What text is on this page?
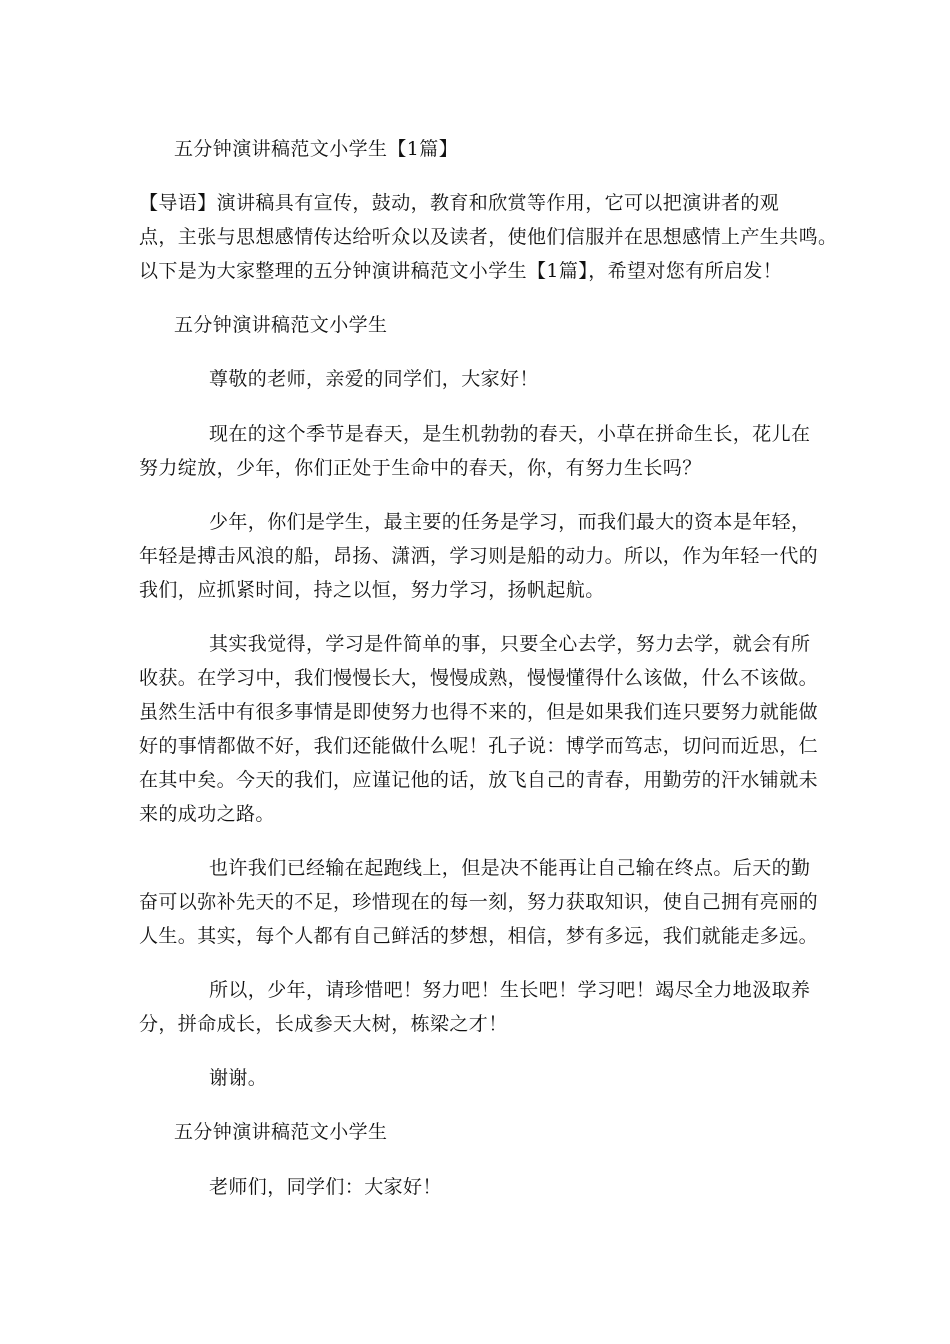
五分钟演讲稿范文小学生【1篇】
【导语】演讲稿具有宣传，鼓动，教育和欣赏等作用，它可以把演讲者的观
点，主张与思想感情传达给听众以及读者，使他们信服并在思想感情上产生共鸣。
以下是为大家整理的五分钟演讲稿范文小学生【1篇】，希望对您有所启发！
五分钟演讲稿范文小学生
尊敬的老师，亲爱的同学们，大家好！
现在的这个季节是春天，是生机勃勃的春天，小草在拼命生长，花儿在
努力绽放，少年，你们正处于生命中的春天，你，有努力生长吗？
少年，你们是学生，最主要的任务是学习，而我们最大的资本是年轻，
年轻是搏击风浪的船，昂扬、潇洒，学习则是船的动力。所以，作为年轻一代的
我们，应抓紧时间，持之以恒，努力学习，扬帆起航。
其实我觉得，学习是件简单的事，只要全心去学，努力去学，就会有所
收获。在学习中，我们慢慢长大，慢慢成熟，慢慢懂得什么该做，什么不该做。
虽然生活中有很多事情是即使努力也得不来的，但是如果我们连只要努力就能做
好的事情都做不好，我们还能做什么呢！孔子说：博学而笃志，切问而近思，仁
在其中矣。今天的我们，应谨记他的话，放飞自己的青春，用勤劳的汗水铺就未
来的成功之路。
也许我们已经输在起跑线上，但是决不能再让自己输在终点。后天的勤
奋可以弥补先天的不足，珍惜现在的每一刻，努力获取知识，使自己拥有亮丽的
人生。其实，每个人都有自己鲜活的梦想，相信，梦有多远，我们就能走多远。
所以，少年，请珍惜吧！努力吧！生长吧！学习吧！竭尽全力地汲取养
分，拼命成长，长成参天大树，栋梁之才！
谢谢。
五分钟演讲稿范文小学生
老师们，同学们：大家好！
